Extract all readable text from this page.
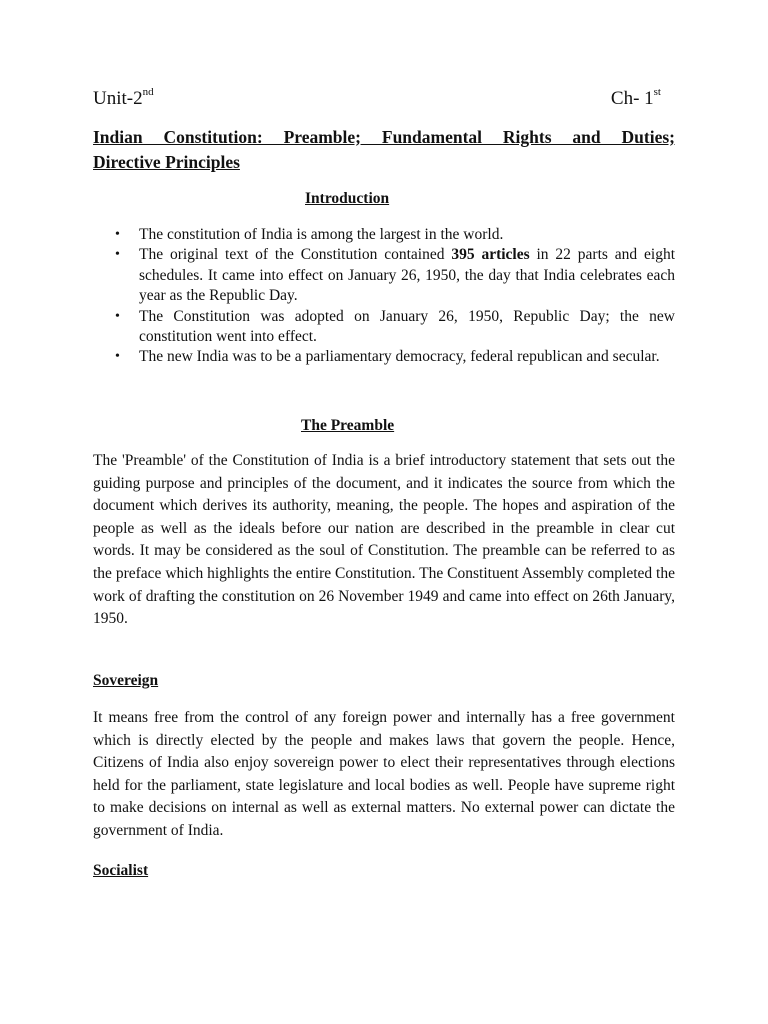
Unit-2nd	Ch- 1st
Indian Constitution: Preamble; Fundamental Rights and Duties;
Directive Principles
Introduction
• The constitution of India is among the largest in the world.
• The original text of the Constitution contained 395 articles in 22 parts and eight schedules. It came into effect on January 26, 1950, the day that India celebrates each year as the Republic Day.
• The Constitution was adopted on January 26, 1950, Republic Day; the new constitution went into effect.
• The new India was to be a parliamentary democracy, federal republican and secular.
The Preamble

The 'Preamble' of the Constitution of India is a brief introductory statement that sets out the guiding purpose and principles of the document, and it indicates the source from which the document which derives its authority, meaning, the people. The hopes and aspiration of the people as well as the ideals before our nation are described in the preamble in clear cut words. It may be considered as the soul of Constitution. The preamble can be referred to as the preface which highlights the entire Constitution. The Constituent Assembly completed the work of drafting the constitution on 26 November 1949 and came into effect on 26th January, 1950.

Sovereign

It means free from the control of any foreign power and internally has a free government which is directly elected by the people and makes laws that govern the people. Hence, Citizens of India also enjoy sovereign power to elect their representatives through elections held for the parliament, state legislature and local bodies as well. People have supreme right to make decisions on internal as well as external matters. No external power can dictate the government of India.

Socialist
